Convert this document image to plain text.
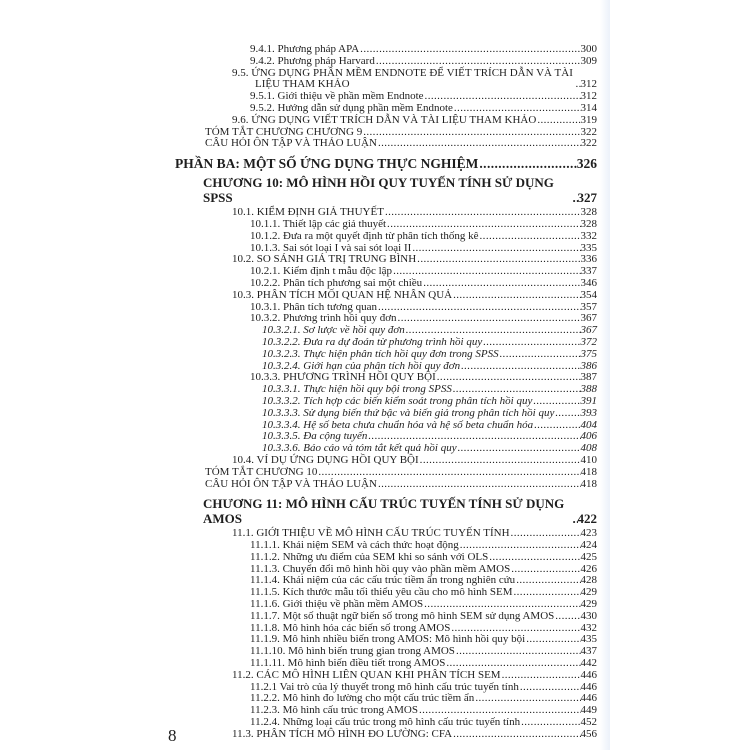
9.4.1. Phương pháp APA .....	300
9.4.2. Phương pháp Harvard .....	309
9.5. ỨNG DỤNG PHẦN MỀM ENDNOTE ĐỂ VIẾT TRÍCH DẪN VÀ TÀI LIỆU THAM KHẢO .....	312
9.5.1. Giới thiệu về phần mềm Endnote .....	312
9.5.2. Hướng dẫn sử dụng phần mềm Endnote .....	314
9.6. ỨNG DỤNG VIẾT TRÍCH DẪN VÀ TÀI LIỆU THAM KHẢO .....	319
TÓM TẮT CHƯƠNG CHƯƠNG 9 .....	322
CÂU HỎI ÔN TẬP VÀ THẢO LUẬN .....	322
PHẦN BA: MỘT SỐ ỨNG DỤNG THỰC NGHIỆM .....	326
CHƯƠNG 10: MÔ HÌNH HỒI QUY TUYẾN TÍNH SỬ DỤNG SPSS .....	327
10.1. KIỂM ĐỊNH GIẢ THUYẾT .....	328
10.1.1. Thiết lập các giả thuyết .....	328
10.1.2. Đưa ra một quyết định từ phân tích thống kê .....	332
10.1.3. Sai sót loại I và sai sót loại II .....	335
10.2. SO SÁNH GIÁ TRỊ TRUNG BÌNH .....	336
10.2.1. Kiểm định t mẫu độc lập .....	337
10.2.2. Phân tích phương sai một chiều .....	346
10.3. PHÂN TÍCH MỐI QUAN HỆ NHÂN QUẢ .....	354
10.3.1. Phân tích tương quan .....	357
10.3.2. Phương trình hồi quy đơn .....	367
10.3.2.1. Sơ lược về hồi quy đơn .....	367
10.3.2.2. Đưa ra dự đoán từ phương trình hồi quy .....	372
10.3.2.3. Thực hiện phân tích hồi quy đơn trong SPSS .....	375
10.3.2.4. Giới hạn của phân tích hồi quy đơn .....	386
10.3.3. PHƯƠNG TRÌNH HỒI QUY BỘI .....	387
10.3.3.1. Thực hiện hồi quy bội trong SPSS .....	388
10.3.3.2. Tích hợp các biến kiểm soát trong phân tích hồi quy .....	391
10.3.3.3. Sử dụng biến thứ bậc và biến giả trong phân tích hồi quy ..... 393
10.3.3.4. Hệ số beta chưa chuẩn hóa và hệ số beta chuẩn hóa .....	404
10.3.3.5. Đa cộng tuyến .....	406
10.3.3.6. Báo cáo và tóm tắt kết quả hồi quy .....	408
10.4. VÍ DỤ ỨNG DỤNG HỒI QUY BỘI .....	410
TÓM TẮT CHƯƠNG 10 .....	418
CÂU HỎI ÔN TẬP VÀ THẢO LUẬN .....	418
CHƯƠNG 11: MÔ HÌNH CẤU TRÚC TUYẾN TÍNH SỬ DỤNG AMOS .....	422
11.1. GIỚI THIỆU VỀ MÔ HÌNH CẤU TRÚC TUYẾN TÍNH .....	423
11.1.1. Khái niệm SEM và cách thức hoạt động .....	424
11.1.2. Những ưu điểm của SEM khi so sánh với OLS .....	425
11.1.3. Chuyển đổi mô hình hồi quy vào phần mềm AMOS .....	426
11.1.4. Khái niệm của các cấu trúc tiềm ẩn trong nghiên cứu .....	428
11.1.5. Kích thước mẫu tối thiểu yêu cầu cho mô hình SEM .....	429
11.1.6. Giới thiệu về phần mềm AMOS .....	429
11.1.7. Một số thuật ngữ biến số trong mô hình SEM sử dụng AMOS ..... 430
11.1.8. Mô hình hóa các biến số trong AMOS .....	432
11.1.9. Mô hình nhiều biến trong AMOS: Mô hình hồi quy bội .....	435
11.1.10. Mô hình biến trung gian trong AMOS .....	437
11.1.11. Mô hình biến điều tiết trong AMOS .....	442
11.2. CÁC MÔ HÌNH LIÊN QUAN KHI PHÂN TÍCH SEM .....	446
11.2.1 Vai trò của lý thuyết trong mô hình cấu trúc tuyến tính .....	446
11.2.2. Mô hình đo lường cho một cấu trúc tiềm ẩn .....	446
11.2.3. Mô hình cấu trúc trong AMOS .....	449
11.2.4. Những loại cấu trúc trong mô hình cấu trúc tuyến tính .....	452
11.3. PHÂN TÍCH MÔ HÌNH ĐO LƯỜNG: CFA .....	456
8
